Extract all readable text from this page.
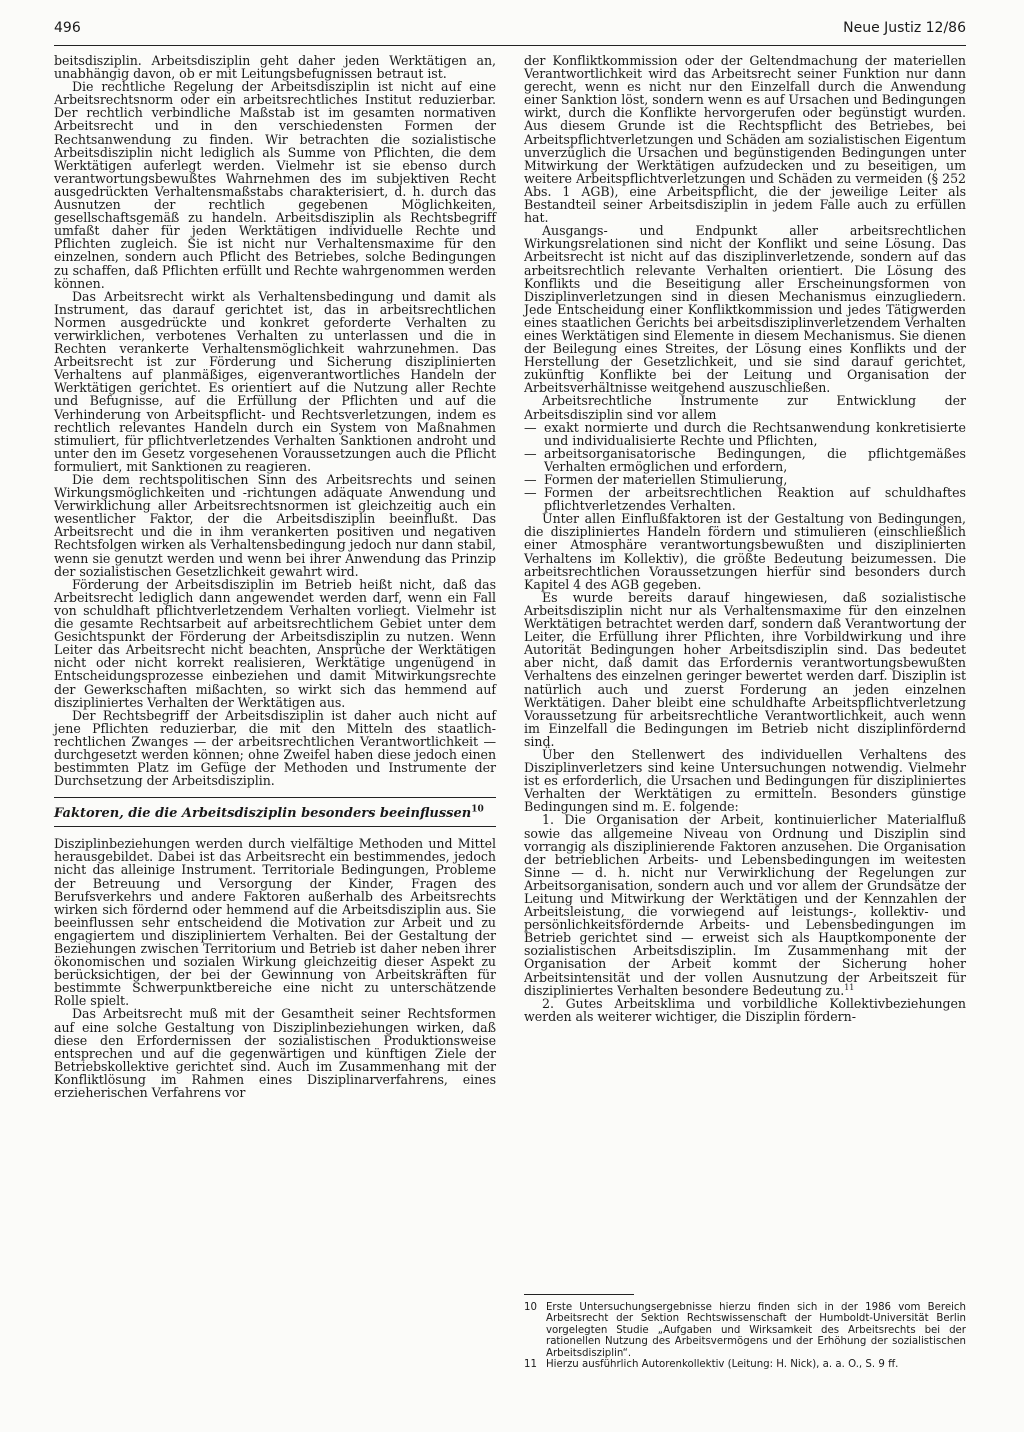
496	Neue Justiz 12/86

beitsdisziplin. Arbeitsdisziplin geht daher jeden Werktätigen an, unabhängig davon, ob er mit Leitungsbefugnissen betraut ist.

Die rechtliche Regelung der Arbeitsdisziplin ist nicht auf eine Arbeitsrechtsnorm oder ein arbeitsrechtliches Institut reduzierbar. Der rechtlich verbindliche Maßstab ist im gesamten normativen Arbeitsrecht und in den verschiedensten Formen der Rechtsanwendung zu finden. Wir betrachten die sozialistische Arbeitsdisziplin nicht lediglich als Summe von Pflichten, die dem Werktätigen auferlegt werden. Vielmehr ist sie ebenso durch verantwortungsbewußtes Wahrnehmen des im subjektiven Recht ausgedrückten Verhaltensmaßstabs charakterisiert, d. h. durch das Ausnutzen der rechtlich gegebenen Möglichkeiten, gesellschaftsgemäß zu handeln. Arbeitsdisziplin als Rechtsbegriff umfaßt daher für jeden Werktätigen individuelle Rechte und Pflichten zugleich. Sie ist nicht nur Verhaltensmaxime für den einzelnen, sondern auch Pflicht des Betriebes, solche Bedingungen zu schaffen, daß Pflichten erfüllt und Rechte wahrgenommen werden können.

Das Arbeitsrecht wirkt als Verhaltensbedingung und damit als Instrument, das darauf gerichtet ist, das in arbeitsrechtlichen Normen ausgedrückte und konkret geforderte Verhalten zu verwirklichen, verbotenes Verhalten zu unterlassen und die in Rechten verankerte Verhaltensmöglichkeit wahrzunehmen. Das Arbeitsrecht ist zur Förderung und Sicherung disziplinierten Verhaltens auf planmäßiges, eigenverantwortliches Handeln der Werktätigen gerichtet. Es orientiert auf die Nutzung aller Rechte und Befugnisse, auf die Erfüllung der Pflichten und auf die Verhinderung von Arbeitspflicht- und Rechtsverletzungen, indem es rechtlich relevantes Handeln durch ein System von Maßnahmen stimuliert, für pflichtverletzendes Verhalten Sanktionen androht und unter den im Gesetz vorgesehenen Voraussetzungen auch die Pflicht formuliert, mit Sanktionen zu reagieren.

Die dem rechtspolitischen Sinn des Arbeitsrechts und seinen Wirkungsmöglichkeiten und -richtungen adäquate Anwendung und Verwirklichung aller Arbeitsrechtsnormen ist gleichzeitig auch ein wesentlicher Faktor, der die Arbeitsdisziplin beeinflußt. Das Arbeitsrecht und die in ihm verankerten positiven und negativen Rechtsfolgen wirken als Verhaltensbedingung jedoch nur dann stabil, wenn sie genutzt werden und wenn bei ihrer Anwendung das Prinzip der sozialistischen Gesetzlichkeit gewahrt wird.

Förderung der Arbeitsdisziplin im Betrieb heißt nicht, daß das Arbeitsrecht lediglich dann angewendet werden darf, wenn ein Fall von schuldhaft pflichtverletzendem Verhalten vorliegt. Vielmehr ist die gesamte Rechtsarbeit auf arbeitsrechtlichem Gebiet unter dem Gesichtspunkt der Förderung der Arbeitsdisziplin zu nutzen. Wenn Leiter das Arbeitsrecht nicht beachten, Ansprüche der Werktätigen nicht oder nicht korrekt realisieren, Werktätige ungenügend in Entscheidungsprozesse einbeziehen und damit Mitwirkungsrechte der Gewerkschaften mißachten, so wirkt sich das hemmend auf diszipliniertes Verhalten der Werktätigen aus.

Der Rechtsbegriff der Arbeitsdisziplin ist daher auch nicht auf jene Pflichten reduzierbar, die mit den Mitteln des staatlich-rechtlichen Zwanges — der arbeitsrechtlichen Verantwortlichkeit — durchgesetzt werden können; ohne Zweifel haben diese jedoch einen bestimmten Platz im Gefüge der Methoden und Instrumente der Durchsetzung der Arbeitsdisziplin.

Faktoren, die die Arbeitsdisziplin besonders beeinflussen$^{10}$

Disziplinbeziehungen werden durch vielfältige Methoden und Mittel herausgebildet. Dabei ist das Arbeitsrecht ein bestimmendes, jedoch nicht das alleinige Instrument. Territoriale Bedingungen, Probleme der Betreuung und Versorgung der Kinder, Fragen des Berufsverkehrs und andere Faktoren außerhalb des Arbeitsrechts wirken sich fördernd oder hemmend auf die Arbeitsdisziplin aus. Sie beeinflussen sehr entscheidend die Motivation zur Arbeit und zu engagiertem und diszipliniertem Verhalten. Bei der Gestaltung der Beziehungen zwischen Territorium und Betrieb ist daher neben ihrer ökonomischen und sozialen Wirkung gleichzeitig dieser Aspekt zu berücksichtigen, der bei der Gewinnung von Arbeitskräften für bestimmte Schwerpunktbereiche eine nicht zu unterschätzende Rolle spielt.

Das Arbeitsrecht muß mit der Gesamtheit seiner Rechtsformen auf eine solche Gestaltung von Disziplinbeziehungen wirken, daß diese den Erfordernissen der sozialistischen Produktionsweise entsprechen und auf die gegenwärtigen und künftigen Ziele der Betriebskollektive gerichtet sind. Auch im Zusammenhang mit der Konfliktlösung im Rahmen eines Disziplinarverfahrens, eines erzieherischen Verfahrens vor

der Konfliktkommission oder der Geltendmachung der materiellen Verantwortlichkeit wird das Arbeitsrecht seiner Funktion nur dann gerecht, wenn es nicht nur den Einzelfall durch die Anwendung einer Sanktion löst, sondern wenn es auf Ursachen und Bedingungen wirkt, durch die Konflikte hervorgerufen oder begünstigt wurden. Aus diesem Grunde ist die Rechtspflicht des Betriebes, bei Arbeitspflichtverletzungen und Schäden am sozialistischen Eigentum unverzüglich die Ursachen und begünstigenden Bedingungen unter Mitwirkung der Werktätigen aufzudecken und zu beseitigen, um weitere Arbeitspflichtverletzungen und Schäden zu vermeiden (§ 252 Abs. 1 AGB), eine Arbeitspflicht, die der jeweilige Leiter als Bestandteil seiner Arbeitsdisziplin in jedem Falle auch zu erfüllen hat.

Ausgangs- und Endpunkt aller arbeitsrechtlichen Wirkungsrelationen sind nicht der Konflikt und seine Lösung. Das Arbeitsrecht ist nicht auf das disziplinverletzende, sondern auf das arbeitsrechtlich relevante Verhalten orientiert. Die Lösung des Konflikts und die Beseitigung aller Erscheinungsformen von Disziplinverletzungen sind in diesen Mechanismus einzugliedern. Jede Entscheidung einer Konfliktkommission und jedes Tätigwerden eines staatlichen Gerichts bei arbeitsdisziplinverletzendem Verhalten eines Werktätigen sind Elemente in diesem Mechanismus. Sie dienen der Beilegung eines Streites, der Lösung eines Konflikts und der Herstellung der Gesetzlichkeit, und sie sind darauf gerichtet, zukünftig Konflikte bei der Leitung und Organisation der Arbeitsverhältnisse weitgehend auszuschließen.

Arbeitsrechtliche Instrumente zur Entwicklung der Arbeitsdisziplin sind vor allem

— exakt normierte und durch die Rechtsanwendung konkretisierte und individualisierte Rechte und Pflichten,
— arbeitsorganisatorische Bedingungen, die pflichtgemäßes Verhalten ermöglichen und erfordern,
— Formen der materiellen Stimulierung,
— Formen der arbeitsrechtlichen Reaktion auf schuldhaftes pflichtverletzendes Verhalten.

Unter allen Einflußfaktoren ist der Gestaltung von Bedingungen, die diszipliniertes Handeln fördern und stimulieren (einschließlich einer Atmosphäre verantwortungsbewußten und disziplinierten Verhaltens im Kollektiv), die größte Bedeutung beizumessen. Die arbeitsrechtlichen Voraussetzungen hierfür sind besonders durch Kapitel 4 des AGB gegeben.

Es wurde bereits darauf hingewiesen, daß sozialistische Arbeitsdisziplin nicht nur als Verhaltensmaxime für den einzelnen Werktätigen betrachtet werden darf, sondern daß Verantwortung der Leiter, die Erfüllung ihrer Pflichten, ihre Vorbildwirkung und ihre Autorität Bedingungen hoher Arbeitsdisziplin sind. Das bedeutet aber nicht, daß damit das Erfordernis verantwortungsbewußten Verhaltens des einzelnen geringer bewertet werden darf. Disziplin ist natürlich auch und zuerst Forderung an jeden einzelnen Werktätigen. Daher bleibt eine schuldhafte Arbeitspflichtverletzung Voraussetzung für arbeitsrechtliche Verantwortlichkeit, auch wenn im Einzelfall die Bedingungen im Betrieb nicht disziplinfördernd sind.

Über den Stellenwert des individuellen Verhaltens des Disziplinverletzers sind keine Untersuchungen notwendig. Vielmehr ist es erforderlich, die Ursachen und Bedingungen für diszipliniertes Verhalten der Werktätigen zu ermitteln. Besonders günstige Bedingungen sind m. E. folgende:

1. Die Organisation der Arbeit, kontinuierlicher Materialfluß sowie das allgemeine Niveau von Ordnung und Disziplin sind vorrangig als disziplinierende Faktoren anzusehen. Die Organisation der betrieblichen Arbeits- und Lebensbedingungen im weitesten Sinne — d. h. nicht nur Verwirklichung der Regelungen zur Arbeitsorganisation, sondern auch und vor allem der Grundsätze der Leitung und Mitwirkung der Werktätigen und der Kennzahlen der Arbeitsleistung, die vorwiegend auf leistungs-, kollektiv- und persönlichkeitsfördernde Arbeits- und Lebensbedingungen im Betrieb gerichtet sind — erweist sich als Hauptkomponente der sozialistischen Arbeitsdisziplin. Im Zusammenhang mit der Organisation der Arbeit kommt der Sicherung hoher Arbeitsintensität und der vollen Ausnutzung der Arbeitszeit für diszipliniertes Verhalten besondere Bedeutung zu.$^{11}$

2. Gutes Arbeitsklima und vorbildliche Kollektivbeziehungen werden als weiterer wichtiger, die Disziplin fördern-

10 Erste Untersuchungsergebnisse hierzu finden sich in der 1986 vom Bereich Arbeitsrecht der Sektion Rechtswissenschaft der Humboldt-Universität Berlin vorgelegten Studie „Aufgaben und Wirksamkeit des Arbeitsrechts bei der rationellen Nutzung des Arbeitsvermögens und der Erhöhung der sozialistischen Arbeitsdisziplin“.

11 Hierzu ausführlich Autorenkollektiv (Leitung: H. Nick), a. a. O., S. 9 ff.
